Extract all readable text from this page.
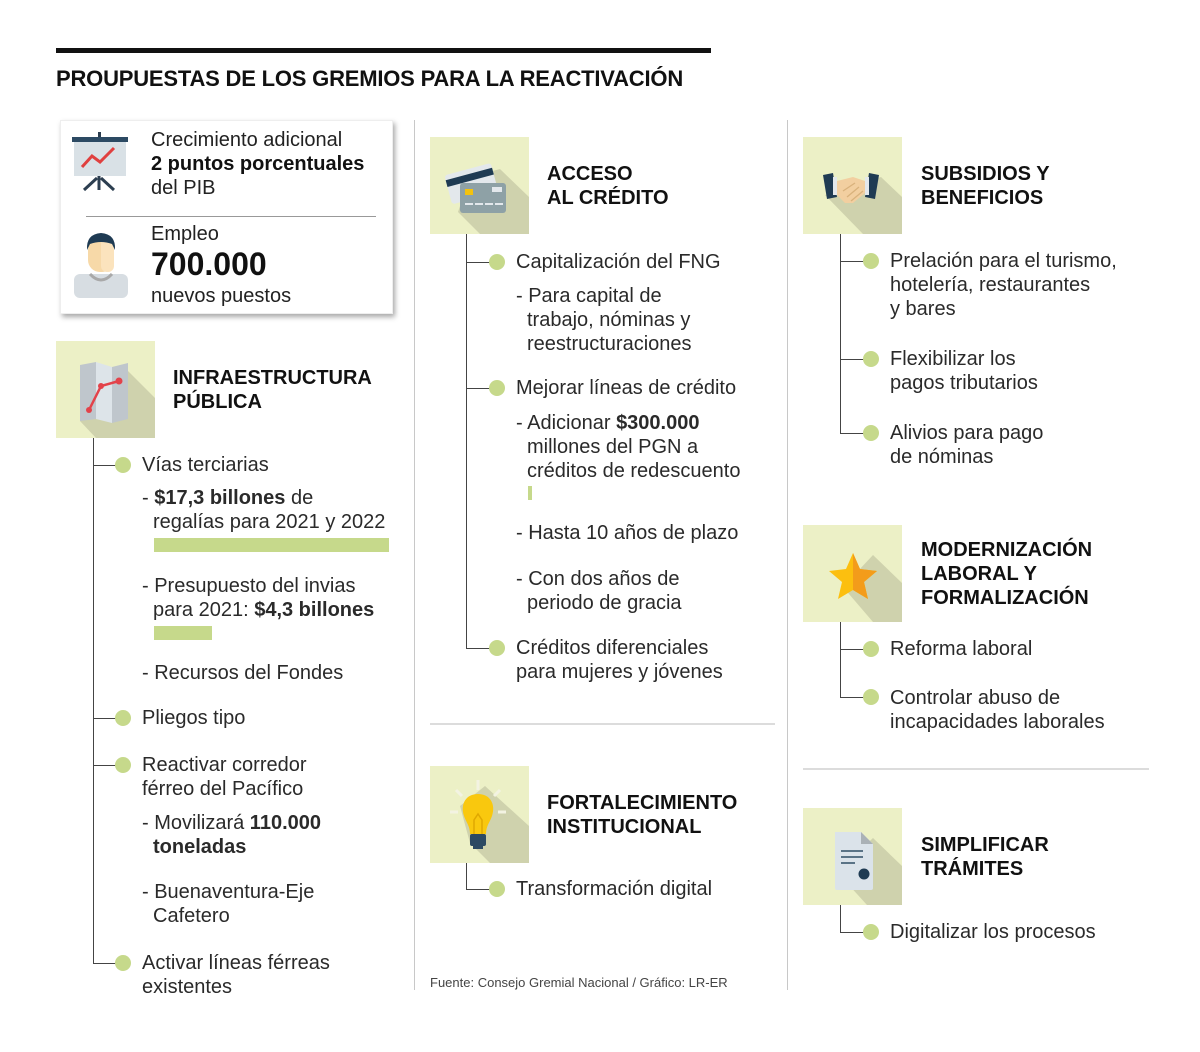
PROUPUESTAS DE LOS GREMIOS PARA LA REACTIVACIÓN
Crecimiento adicional
2 puntos porcentuales
del PIB
Empleo
700.000
nuevos puestos
INFRAESTRUCTURA
PÚBLICA
Vías terciarias
- $17,3 billones de
regalías para 2021 y 2022
- Presupuesto del invias
para 2021: $4,3 billones
- Recursos del Fondes
Pliegos tipo
Reactivar corredor
férreo del Pacífico
- Movilizará 110.000
toneladas
- Buenaventura-Eje
Cafetero
Activar líneas férreas
existentes
ACCESO
AL CRÉDITO
Capitalización del FNG
- Para capital de
trabajo, nóminas y
reestructuraciones
Mejorar líneas de crédito
- Adicionar $300.000
millones del PGN a
créditos de redescuento
- Hasta 10 años de plazo
- Con dos años de
periodo de gracia
Créditos diferenciales
para mujeres y jóvenes
FORTALECIMIENTO
INSTITUCIONAL
Transformación digital
Fuente: Consejo Gremial Nacional / Gráfico: LR-ER
SUBSIDIOS Y
BENEFICIOS
Prelación para el turismo,
hotelería, restaurantes
y bares
Flexibilizar los
pagos tributarios
Alivios para pago
de nóminas
MODERNIZACIÓN
LABORAL Y
FORMALIZACIÓN
Reforma laboral
Controlar abuso de
incapacidades laborales
SIMPLIFICAR
TRÁMITES
Digitalizar los procesos
